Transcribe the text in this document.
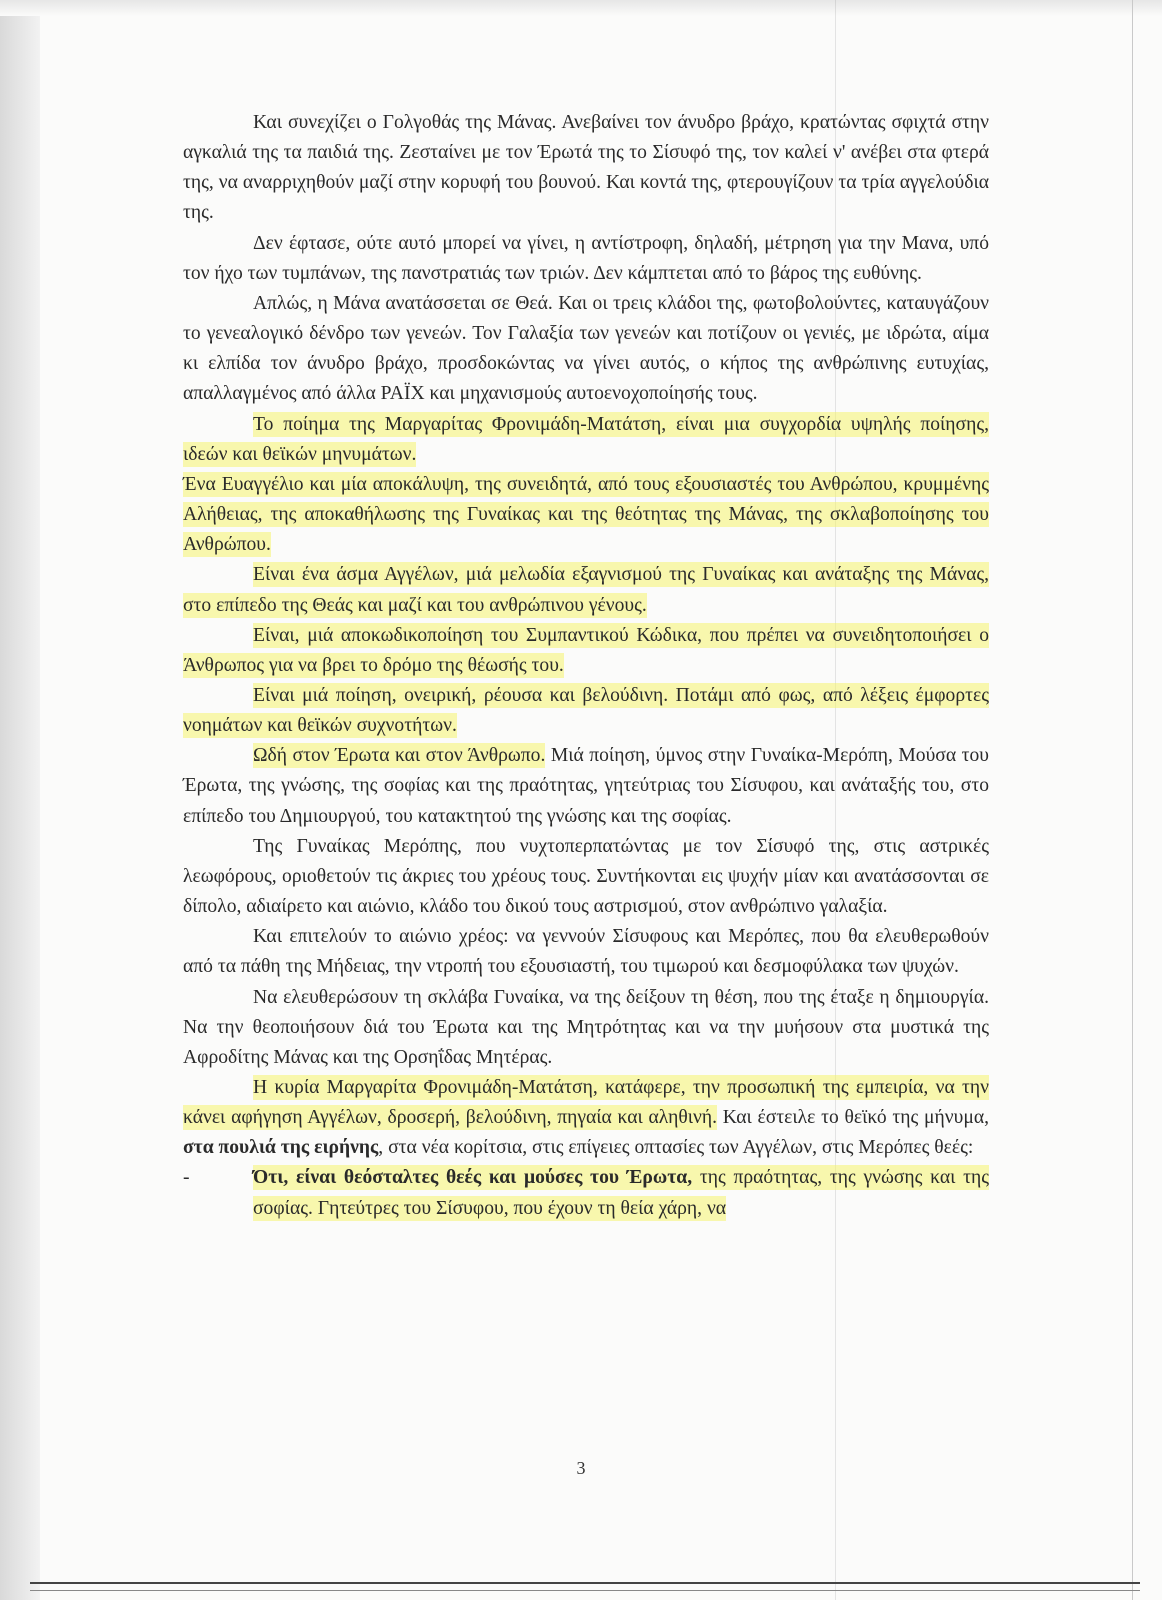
Και συνεχίζει ο Γολγοθάς της Μάνας. Ανεβαίνει τον άνυδρο βράχο, κρατώντας σφιχτά στην αγκαλιά της τα παιδιά της. Ζεσταίνει με τον Έρωτά της το Σίσυφό της, τον καλεί ν' ανέβει στα φτερά της, να αναρριχηθούν μαζί στην κορυφή του βουνού. Και κοντά της, φτερουγίζουν τα τρία αγγελούδια της.

Δεν έφτασε, ούτε αυτό μπορεί να γίνει, η αντίστροφη, δηλαδή, μέτρηση για την Μανα, υπό τον ήχο των τυμπάνων, της πανστρατιάς των τριών. Δεν κάμπτεται από το βάρος της ευθύνης.

Απλώς, η Μάνα ανατάσσεται σε Θεά. Και οι τρεις κλάδοι της, φωτοβολούντες, καταυγάζουν το γενεαλογικό δένδρο των γενεών. Τον Γαλαξία των γενεών και ποτίζουν οι γενιές, με ιδρώτα, αίμα κι ελπίδα τον άνυδρο βράχο, προσδοκώντας να γίνει αυτός, ο κήπος της ανθρώπινης ευτυχίας, απαλλαγμένος από άλλα ΡΑΪΧ και μηχανισμούς αυτοενοχοποίησής τους.

Το ποίημα της Μαργαρίτας Φρονιμάδη-Ματάτση, είναι μια συγχορδία υψηλής ποίησης, ιδεών και θεϊκών μηνυμάτων.

Ένα Ευαγγέλιο και μία αποκάλυψη, της συνειδητά, από τους εξουσιαστές του Ανθρώπου, κρυμμένης Αλήθειας, της αποκαθήλωσης της Γυναίκας και της θεότητας της Μάνας, της σκλαβοποίησης του Ανθρώπου.

Είναι ένα άσμα Αγγέλων, μιά μελωδία εξαγνισμού της Γυναίκας και ανάταξης της Μάνας, στο επίπεδο της Θεάς και μαζί και του ανθρώπινου γένους.

Είναι, μιά αποκωδικοποίηση του Συμπαντικού Κώδικα, που πρέπει να συνειδητοποιήσει ο Άνθρωπος για να βρει το δρόμο της θέωσής του.

Είναι μιά ποίηση, ονειρική, ρέουσα και βελούδινη. Ποτάμι από φως, από λέξεις έμφορτες νοημάτων και θεϊκών συχνοτήτων.

Ωδή στον Έρωτα και στον Άνθρωπο. Μιά ποίηση, ύμνος στην Γυναίκα-Μερόπη, Μούσα του Έρωτα, της γνώσης, της σοφίας και της πραότητας, γητεύτριας του Σίσυφου, και ανάταξής του, στο επίπεδο του Δημιουργού, του κατακτητού της γνώσης και της σοφίας.

Της Γυναίκας Μερόπης, που νυχτοπερπατώντας με τον Σίσυφό της, στις αστρικές λεωφόρους, οριοθετούν τις άκριες του χρέους τους. Συντήκονται εις ψυχήν μίαν και ανατάσσονται σε δίπολο, αδιαίρετο και αιώνιο, κλάδο του δικού τους αστρισμού, στον ανθρώπινο γαλαξία.

Και επιτελούν το αιώνιο χρέος: να γεννούν Σίσυφους και Μερόπες, που θα ελευθερωθούν από τα πάθη της Μήδειας, την ντροπή του εξουσιαστή, του τιμωρού και δεσμοφύλακα των ψυχών.

Να ελευθερώσουν τη σκλάβα Γυναίκα, να της δείξουν τη θέση, που της έταξε η δημιουργία. Να την θεοποιήσουν διά του Έρωτα και της Μητρότητας και να την μυήσουν στα μυστικά της Αφροδίτης Μάνας και της Ορσηΐδας Μητέρας.

Η κυρία Μαργαρίτα Φρονιμάδη-Ματάτση, κατάφερε, την προσωπική της εμπειρία, να την κάνει αφήγηση Αγγέλων, δροσερή, βελούδινη, πηγαία και αληθινή. Και έστειλε το θεϊκό της μήνυμα, στα πουλιά της ειρήνης, στα νέα κορίτσια, στις επίγειες οπτασίες των Αγγέλων, στις Μερόπες θεές:

-	Ότι, είναι θεόσταλτες θεές και μούσες του Έρωτα, της πραότητας, της γνώσης και της σοφίας. Γητεύτρες του Σίσυφου, που έχουν τη θεία χάρη, να
3
